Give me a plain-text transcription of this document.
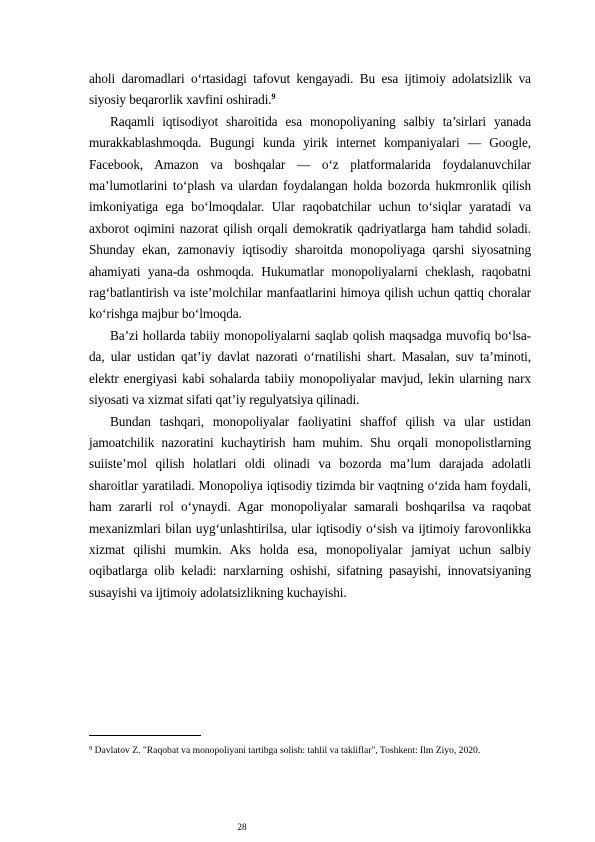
aholi daromadlari o‘rtasidagi tafovut kengayadi. Bu esa ijtimoiy adolatsizlik va siyosiy beqarorlik xavfini oshiradi.$^9$

Raqamli iqtisodiyot sharoitida esa monopoliyaning salbiy ta’sirlari yanada murakkablashmoqda. Bugungi kunda yirik internet kompaniyalari — Google, Facebook, Amazon va boshqalar — o‘z platformalarida foydalanuvchilar ma’lumotlarini to‘plash va ulardan foydalangan holda bozorda hukmronlik qilish imkoniyatiga ega bo‘lmoqdalar. Ular raqobatchilar uchun to‘siqlar yaratadi va axborot oqimini nazorat qilish orqali demokratik qadriyatlarga ham tahdid soladi. Shunday ekan, zamonaviy iqtisodiy sharoitda monopoliyaga qarshi siyosatning ahamiyati yana-da oshmoqda. Hukumatlar monopoliyalarni cheklash, raqobatni rag‘batlantirish va iste’molchilar manfaatlarini himoya qilish uchun qattiq choralar ko‘rishga majbur bo‘lmoqda.

Ba’zi hollarda tabiiy monopoliyalarni saqlab qolish maqsadga muvofiq bo‘lsa-da, ular ustidan qat’iy davlat nazorati o‘rnatilishi shart. Masalan, suv ta’minoti, elektr energiyasi kabi sohalarda tabiiy monopoliyalar mavjud, lekin ularning narx siyosati va xizmat sifati qat’iy regulyatsiya qilinadi.

Bundan tashqari, monopoliyalar faoliyatini shaffof qilish va ular ustidan jamoatchilik nazoratini kuchaytirish ham muhim. Shu orqali monopolistlarning suiiste’mol qilish holatlari oldi olinadi va bozorda ma’lum darajada adolatli sharoitlar yaratiladi. Monopoliya iqtisodiy tizimda bir vaqtning o‘zida ham foydali, ham zararli rol o‘ynaydi. Agar monopoliyalar samarali boshqarilsa va raqobat mexanizmlari bilan uyg‘unlashtirilsa, ular iqtisodiy o‘sish va ijtimoiy farovonlikka xizmat qilishi mumkin. Aks holda esa, monopoliyalar jamiyat uchun salbiy oqibatlarga olib keladi: narxlarning oshishi, sifatning pasayishi, innovatsiyaning susayishi va ijtimoiy adolatsizlikning kuchayishi.

$^9$ Davlatov Z. "Raqobat va monopoliyani tartibga solish: tahlil va takliflar", Toshkent: Ilm Ziyo, 2020.

28
